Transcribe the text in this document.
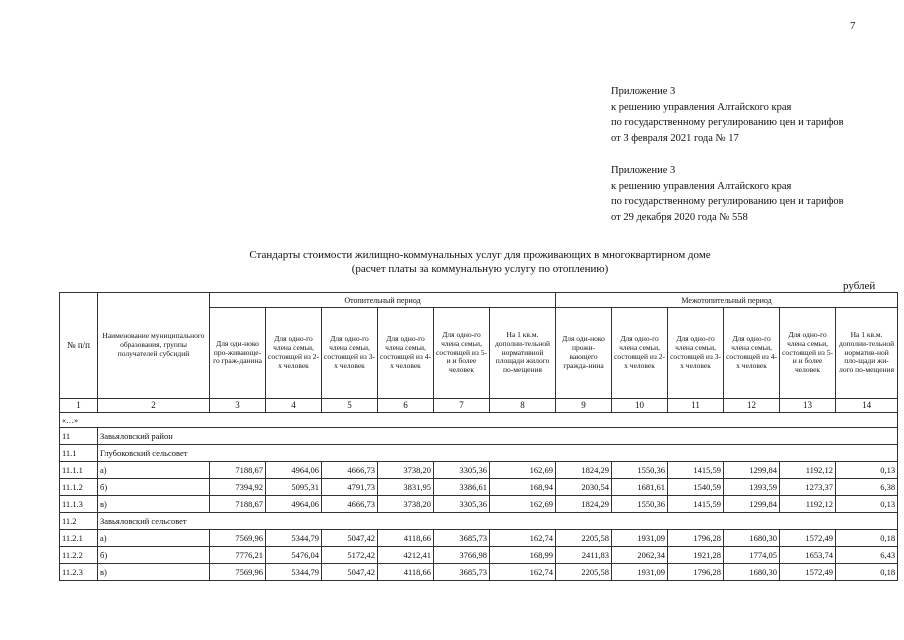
7
Приложение 3
к решению управления Алтайского края
по государственному регулированию цен и тарифов
от 3 февраля 2021 года № 17
Приложение 3
к решению управления Алтайского края
по государственному регулированию цен и тарифов
от 29 декабря 2020 года № 558
Стандарты стоимости жилищно-коммунальных услуг для проживающих в многоквартирном доме
(расчет платы за коммунальную услугу по отоплению)
рублей
№ п/п	Наименование муниципального образования, группы получателей субсидий	Отопительный период						Межотопительный период					
		Для оди-ноко про-живающе-го граж-данина	Для одно-го члена семьи, состоящей из 2-х человек	Для одно-го члена семьи, состоящей из 3-х человек	Для одно-го члена семьи, состоящей из 4-х человек	Для одно-го члена семьи, состоящей из 5-и и более человек	На 1 кв.м. дополни-тельной нормативной площади жилого по-мещения	Для оди-ноко прожи-вающего гражда-нина	Для одно-го члена семьи, состоящей из 2-х человек	Для одно-го члена семьи, состоящей из 3-х человек	Для одно-го члена семьи, состоящей из 4-х человек	Для одно-го члена семьи, состоящей из 5-и и более человек	На 1 кв.м. дополни-тельной норматив-ной пло-щади жи-лого по-мещения
1	2	3	4	5	6	7	8	9	10	11	12	13	14
«…»													
11	Завьяловский район												
11.1	Глубоковский сельсовет												
11.1.1	а)	7188,67	4964,06	4666,73	3738,20	3305,36	162,69	1824,29	1550,36	1415,59	1299,84	1192,12	0,13
11.1.2	б)	7394,92	5095,31	4791,73	3831,95	3386,61	168,94	2030,54	1681,61	1540,59	1393,59	1273,37	6,38
11.1.3	в)	7188,67	4964,06	4666,73	3738,20	3305,36	162,69	1824,29	1550,36	1415,59	1299,84	1192,12	0,13
11.2	Завьяловский сельсовет												
11.2.1	а)	7569,96	5344,79	5047,42	4118,66	3685,73	162,74	2205,58	1931,09	1796,28	1680,30	1572,49	0,18
11.2.2	б)	7776,21	5476,04	5172,42	4212,41	3766,98	168,99	2411,83	2062,34	1921,28	1774,05	1653,74	6,43
11.2.3	в)	7569,96	5344,79	5047,42	4118,66	3685,73	162,74	2205,58	1931,09	1796,28	1680,30	1572,49	0,18
